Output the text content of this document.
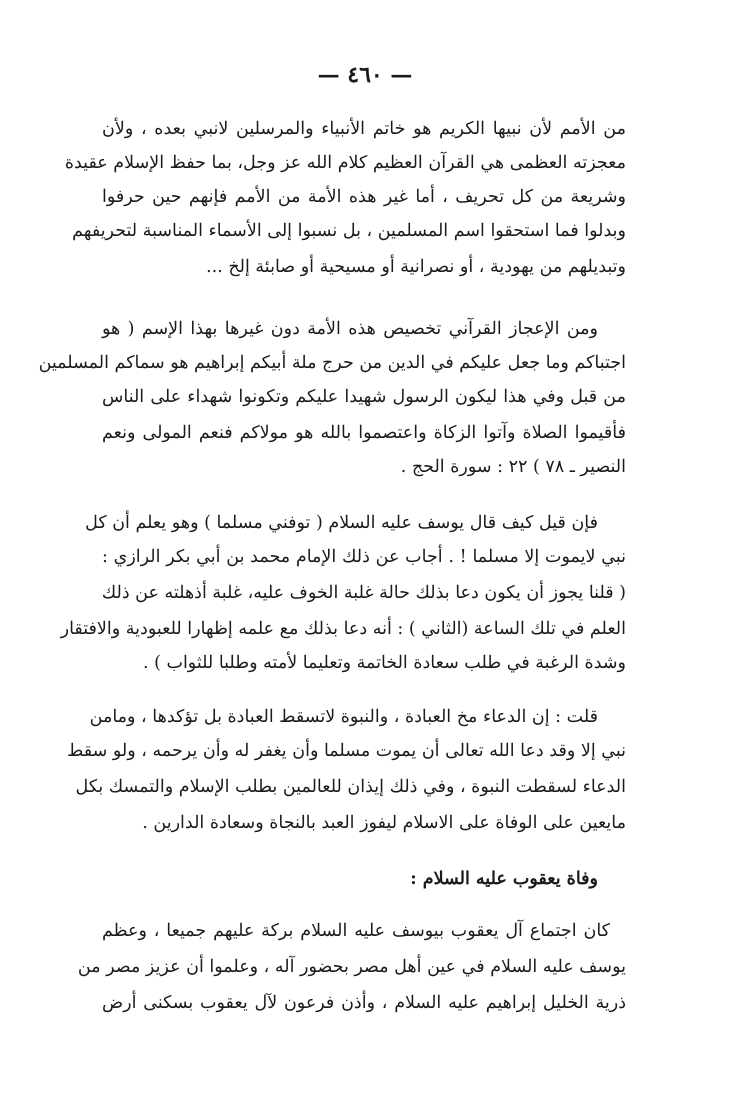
— ٤٦٠ —
من الأمم لأن نبيها الكريم هو خاتم الأنبياء والمرسلين لانبي بعده ، ولأن
معجزته العظمى هي القرآن العظيم كلام الله عز وجل، بما حفظ الإسلام عقيدة
وشريعة من كل تحريف ، أما غير هذه الأمة من الأمم فإنهم حين حرفوا
وبدلوا فما استحقوا اسم المسلمين ، بل نسبوا إلى الأسماء المناسبة لتحريفهم
وتبديلهم من يهودية ، أو نصرانية أو مسيحية أو صابئة إلخ ...
ومن الإعجاز القرآني تخصيص هذه الأمة دون غيرها بهذا الإسم ( هو
اجتباكم وما جعل عليكم في الدين من حرج ملة أبيكم إبراهيم هو سماكم المسلمين
من قبل وفي هذا ليكون الرسول شهيدا عليكم وتكونوا شهداء على الناس
فأقيموا الصلاة وآتوا الزكاة واعتصموا بالله هو مولاكم فنعم المولى ونعم
النصير ـ ٧٨ ) ٢٢ : سورة الحج .
فإن قيل كيف قال يوسف عليه السلام ( توفني مسلما ) وهو يعلم أن كل
نبي لايموت إلا مسلما ! . أجاب عن ذلك الإمام محمد بن أبي بكر الرازي :
( قلنا يجوز أن يكون دعا بذلك حالة غلبة الخوف عليه، غلبة أذهلته عن ذلك
العلم في تلك الساعة (الثاني ) : أنه دعا بذلك مع علمه إظهارا للعبودية والافتقار
وشدة الرغبة في طلب سعادة الخاتمة وتعليما لأمته وطلبا للثواب ) .
قلت : إن الدعاء مخ العبادة ، والنبوة لاتسقط العبادة بل تؤكدها ، ومامن
نبي إلا وقد دعا الله تعالى أن يموت مسلما وأن يغفر له وأن يرحمه ، ولو سقط
الدعاء لسقطت النبوة ، وفي ذلك إيذان للعالمين بطلب الإسلام والتمسك بكل
مايعين على الوفاة على الاسلام ليفوز العبد بالنجاة وسعادة الدارين .
وفاة يعقوب عليه السلام :
كان اجتماع آل يعقوب بيوسف عليه السلام بركة عليهم جميعا ، وعظم
يوسف عليه السلام في عين أهل مصر بحضور آله ، وعلموا أن عزيز مصر من
ذرية الخليل إبراهيم عليه السلام ، وأذن فرعون لآل يعقوب بسكنى أرض
